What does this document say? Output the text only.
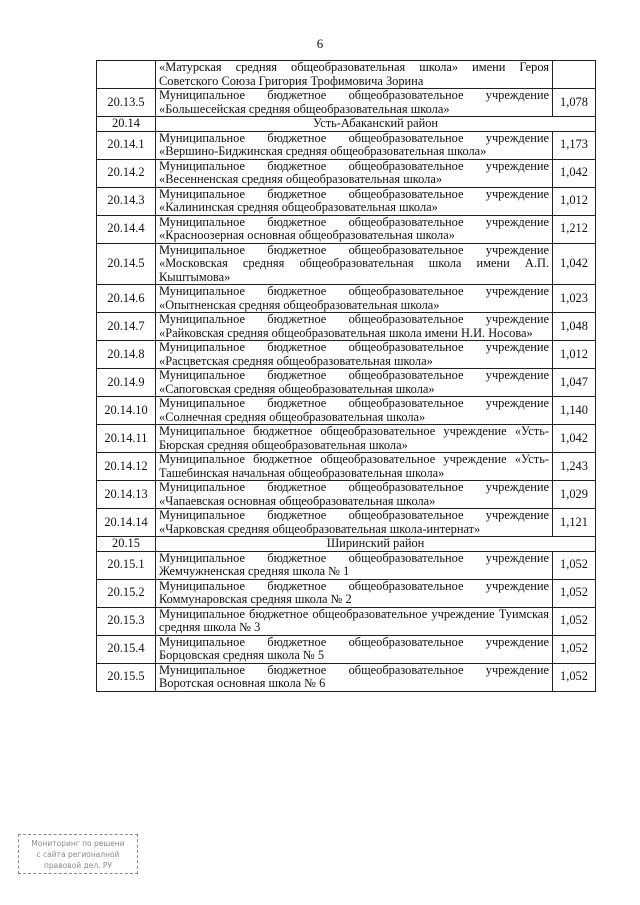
6
	«Матурская средняя общеобразовательная школа» имени Героя Советского Союза Григория Трофимовича Зорина	
20.13.5	Муниципальное бюджетное общеобразовательное учреждение «Большесейская средняя общеобразовательная школа»	1,078
20.14	Усть-Абаканский район	
20.14.1	Муниципальное бюджетное общеобразовательное учреждение «Вершино-Биджинская средняя общеобразовательная школа»	1,173
20.14.2	Муниципальное бюджетное общеобразовательное учреждение «Весенненская средняя общеобразовательная школа»	1,042
20.14.3	Муниципальное бюджетное общеобразовательное учреждение «Калининская средняя общеобразовательная школа»	1,012
20.14.4	Муниципальное бюджетное общеобразовательное учреждение «Красноозерная основная общеобразовательная школа»	1,212
20.14.5	Муниципальное бюджетное общеобразовательное учреждение «Московская средняя общеобразовательная школа имени А.П. Кыштымова»	1,042
20.14.6	Муниципальное бюджетное общеобразовательное учреждение «Опытненская средняя общеобразовательная школа»	1,023
20.14.7	Муниципальное бюджетное общеобразовательное учреждение «Райковская средняя общеобразовательная школа имени Н.И. Носова»	1,048
20.14.8	Муниципальное бюджетное общеобразовательное учреждение «Расцветская средняя общеобразовательная школа»	1,012
20.14.9	Муниципальное бюджетное общеобразовательное учреждение «Сапоговская средняя общеобразовательная школа»	1,047
20.14.10	Муниципальное бюджетное общеобразовательное учреждение «Солнечная средняя общеобразовательная школа»	1,140
20.14.11	Муниципальное бюджетное общеобразовательное учреждение «Усть-Бюрская средняя общеобразовательная школа»	1,042
20.14.12	Муниципальное бюджетное общеобразовательное учреждение «Усть-Ташебинская начальная общеобразовательная школа»	1,243
20.14.13	Муниципальное бюджетное общеобразовательное учреждение «Чапаевская основная общеобразовательная школа»	1,029
20.14.14	Муниципальное бюджетное общеобразовательное учреждение «Чарковская средняя общеобразовательная школа-интернат»	1,121
20.15	Ширинский район	
20.15.1	Муниципальное бюджетное общеобразовательное учреждение Жемчужненская средняя школа № 1	1,052
20.15.2	Муниципальное бюджетное общеобразовательное учреждение Коммунаровская средняя школа № 2	1,052
20.15.3	Муниципальное бюджетное общеобразовательное учреждение Туимская средняя школа № 3	1,052
20.15.4	Муниципальное бюджетное общеобразовательное учреждение Борцовская средняя школа № 5	1,052
20.15.5	Муниципальное бюджетное общеобразовательное учреждение Воротская основная школа № 6	1,052
Мониторинг по решени
с сайта регионалной
правовой дел. РУ
